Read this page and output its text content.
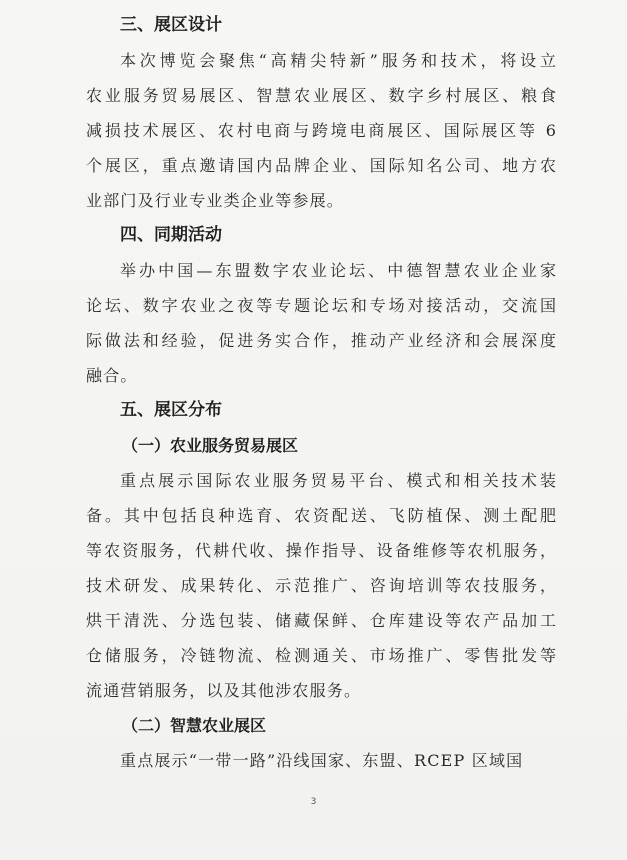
三、展区设计
本次博览会聚焦“高精尖特新”服务和技术，将设立
农业服务贸易展区、智慧农业展区、数字乡村展区、粮食
减损技术展区、农村电商与跨境电商展区、国际展区等 6
个展区，重点邀请国内品牌企业、国际知名公司、地方农
业部门及行业专业类企业等参展。
四、同期活动
举办中国—东盟数字农业论坛、中德智慧农业企业家
论坛、数字农业之夜等专题论坛和专场对接活动，交流国
际做法和经验，促进务实合作，推动产业经济和会展深度
融合。
五、展区分布
（一）农业服务贸易展区
重点展示国际农业服务贸易平台、模式和相关技术装
备。其中包括良种选育、农资配送、飞防植保、测土配肥
等农资服务，代耕代收、操作指导、设备维修等农机服务，
技术研发、成果转化、示范推广、咨询培训等农技服务，
烘干清洗、分选包装、储藏保鲜、仓库建设等农产品加工
仓储服务，冷链物流、检测通关、市场推广、零售批发等
流通营销服务，以及其他涉农服务。
（二）智慧农业展区
重点展示“一带一路”沿线国家、东盟、RCEP 区域国
3
